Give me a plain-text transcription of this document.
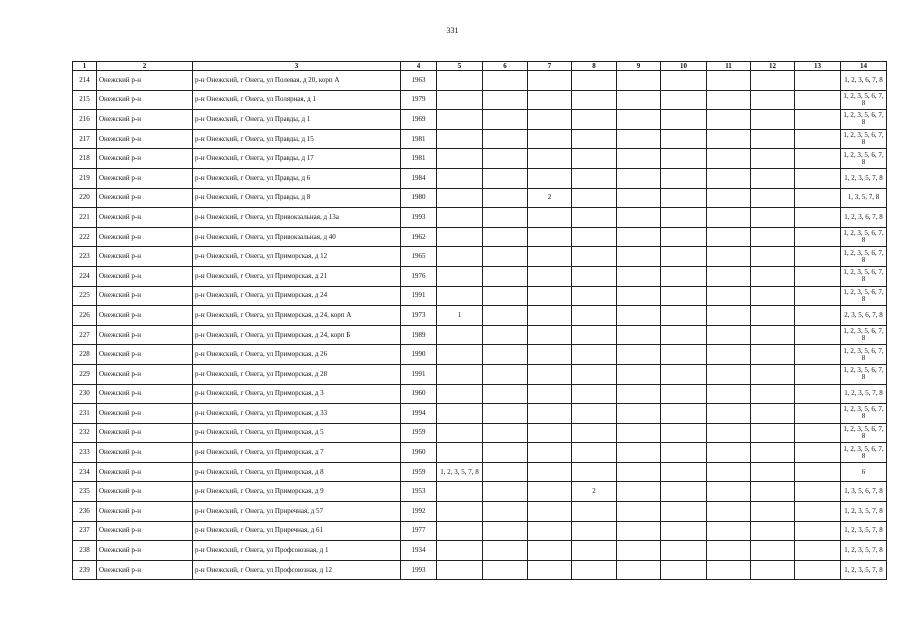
331
1	2	3	4	5	6	7	8	9	10	11	12	13	14
214	Онежский р-н	р-н Онежский, г Онега, ул Полевая, д 20, корп А	1963										1, 2, 3, 6, 7, 8
215	Онежский р-н	р-н Онежский, г Онега, ул Полярная, д 1	1979										1, 2, 3, 5, 6, 7, 8
216	Онежский р-н	р-н Онежский, г Онега, ул Правды, д 1	1969										1, 2, 3, 5, 6, 7, 8
217	Онежский р-н	р-н Онежский, г Онега, ул Правды, д 15	1981										1, 2, 3, 5, 6, 7, 8
218	Онежский р-н	р-н Онежский, г Онега, ул Правды, д 17	1981										1, 2, 3, 5, 6, 7, 8
219	Онежский р-н	р-н Онежский, г Онега, ул Правды, д 6	1984										1, 2, 3, 5, 7, 8
220	Онежский р-н	р-н Онежский, г Онега, ул Правды, д 8	1980			2							1, 3, 5, 7, 8
221	Онежский р-н	р-н Онежский, г Онега, ул Привокзальная, д 13а	1993										1, 2, 3, 6, 7, 8
222	Онежский р-н	р-н Онежский, г Онега, ул Привокзальная, д 40	1962										1, 2, 3, 5, 6, 7, 8
223	Онежский р-н	р-н Онежский, г Онега, ул Приморская, д 12	1965										1, 2, 3, 5, 6, 7, 8
224	Онежский р-н	р-н Онежский, г Онега, ул Приморская, д 21	1976										1, 2, 3, 5, 6, 7, 8
225	Онежский р-н	р-н Онежский, г Онега, ул Приморская, д 24	1991										1, 2, 3, 5, 6, 7, 8
226	Онежский р-н	р-н Онежский, г Онега, ул Приморская, д 24, корп А	1973	1									2, 3, 5, 6, 7, 8
227	Онежский р-н	р-н Онежский, г Онега, ул Приморская, д 24, корп Б	1989										1, 2, 3, 5, 6, 7, 8
228	Онежский р-н	р-н Онежский, г Онега, ул Приморская, д 26	1990										1, 2, 3, 5, 6, 7, 8
229	Онежский р-н	р-н Онежский, г Онега, ул Приморская, д 28	1991										1, 2, 3, 5, 6, 7, 8
230	Онежский р-н	р-н Онежский, г Онега, ул Приморская, д 3	1960										1, 2, 3, 5, 7, 8
231	Онежский р-н	р-н Онежский, г Онега, ул Приморская, д 33	1994										1, 2, 3, 5, 6, 7, 8
232	Онежский р-н	р-н Онежский, г Онега, ул Приморская, д 5	1959										1, 2, 3, 5, 6, 7, 8
233	Онежский р-н	р-н Онежский, г Онега, ул Приморская, д 7	1960										1, 2, 3, 5, 6, 7, 8
234	Онежский р-н	р-н Онежский, г Онега, ул Приморская, д 8	1959	1, 2, 3, 5, 7, 8									6
235	Онежский р-н	р-н Онежский, г Онега, ул Приморская, д 9	1953				2						1, 3, 5, 6, 7, 8
236	Онежский р-н	р-н Онежский, г Онега, ул Приречная, д 57	1992										1, 2, 3, 5, 7, 8
237	Онежский р-н	р-н Онежский, г Онега, ул Приречная, д 61	1977										1, 2, 3, 5, 7, 8
238	Онежский р-н	р-н Онежский, г Онега, ул Профсоюзная, д 1	1934										1, 2, 3, 5, 7, 8
239	Онежский р-н	р-н Онежский, г Онега, ул Профсоюзная, д 12	1993										1, 2, 3, 5, 7, 8
